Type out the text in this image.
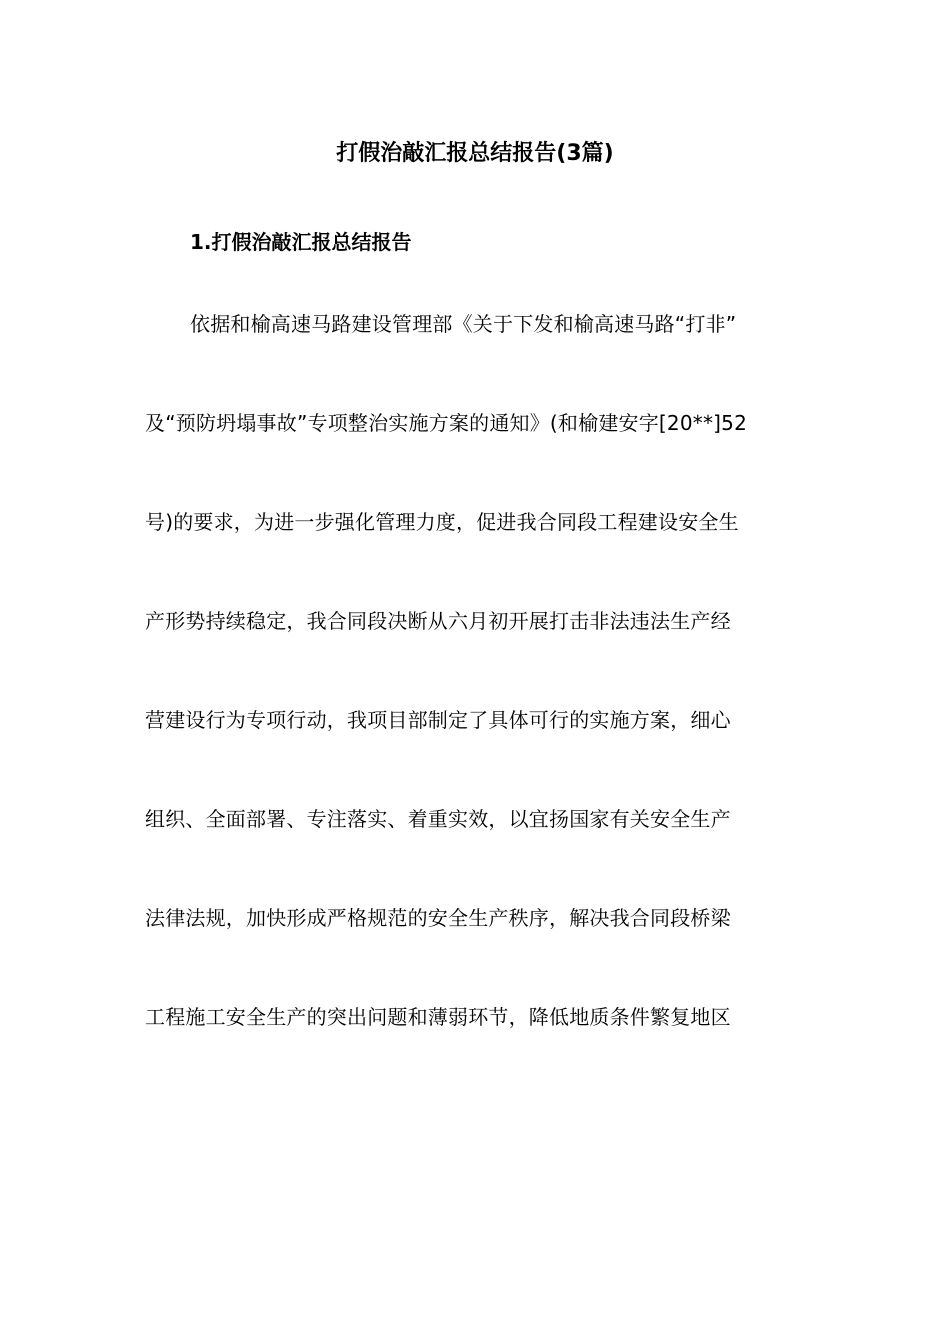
打假治敲汇报总结报告(3篇)
1.打假治敲汇报总结报告
依据和榆高速马路建设管理部《关于下发和榆高速马路“打非”
及“预防坍塌事故”专项整治实施方案的通知》(和榆建安字[20**]52
号)的要求，为进一步强化管理力度，促进我合同段工程建设安全生
产形势持续稳定，我合同段决断从六月初开展打击非法违法生产经
营建设行为专项行动，我项目部制定了具体可行的实施方案，细心
组织、全面部署、专注落实、着重实效，以宜扬国家有关安全生产
法律法规，加快形成严格规范的安全生产秩序，解决我合同段桥梁
工程施工安全生产的突出问题和薄弱环节，降低地质条件繁复地区
